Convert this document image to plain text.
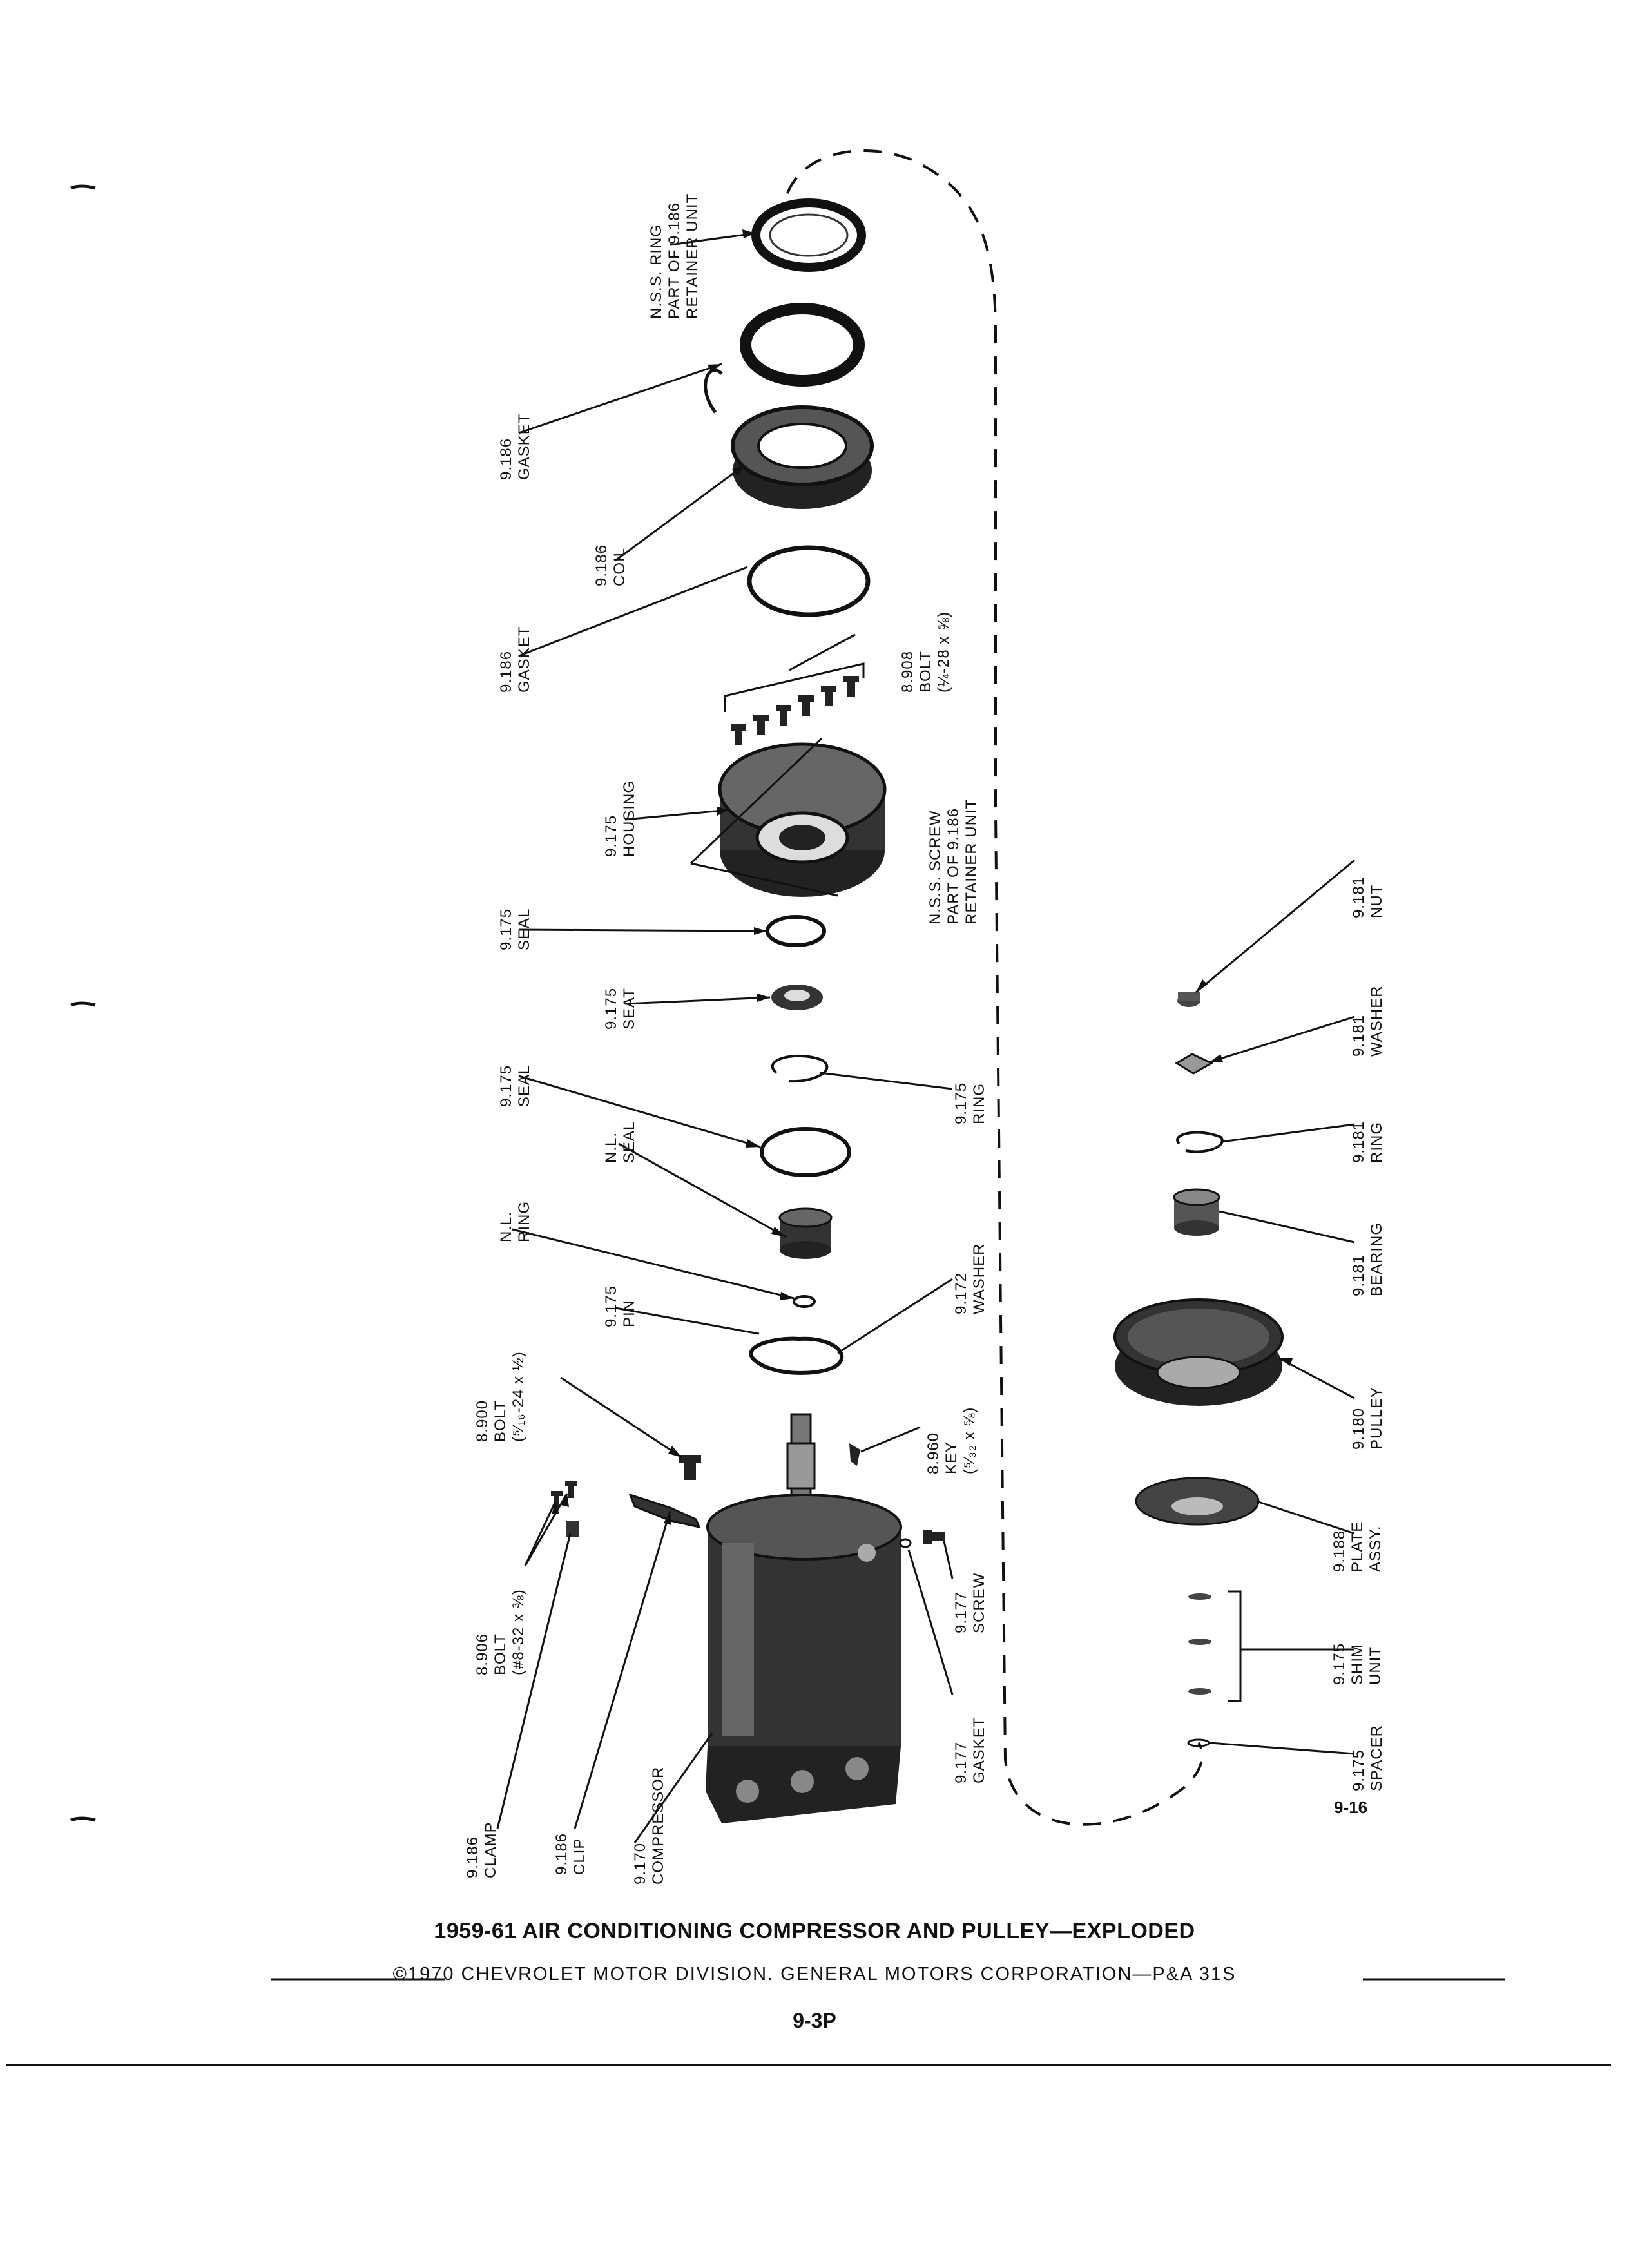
N.S.S. RING
PART OF 9.186
RETAINER UNIT
9.186
GASKET
9.186
COIL
9.186
GASKET	8.908
BOLT
(¼-28 x ⅝)
9.175
HOUSING
N.S.S. SCREW
PART OF 9.186
RETAINER UNIT
9.175
SEAL
9.175
SEAT
9.175
SEAL	9.175
RING
N.L.
SEAL
N.L.
RING
9.175
PIN	9.172
WASHER
8.900
BOLT
(⁵⁄₁₆-24 x ½)
8.960
KEY
(⁵⁄₃₂ x ⅝)
8.906
BOLT
(#8-32 x ⅜)	9.177
SCREW
9.177
GASKET
9.186
CLAMP	9.186
CLIP	9.170
COMPRESSOR
9.181
NUT
9.181
WASHER
9.181
RING
9.181
BEARING
9.180
PULLEY
9.188
PLATE
ASSY.
9.175
SHIM
UNIT
9.175
SPACER
9-16
1959-61 AIR CONDITIONING COMPRESSOR AND PULLEY—EXPLODED
©1970 CHEVROLET MOTOR DIVISION. GENERAL MOTORS CORPORATION—P&A 31S
9-3P
